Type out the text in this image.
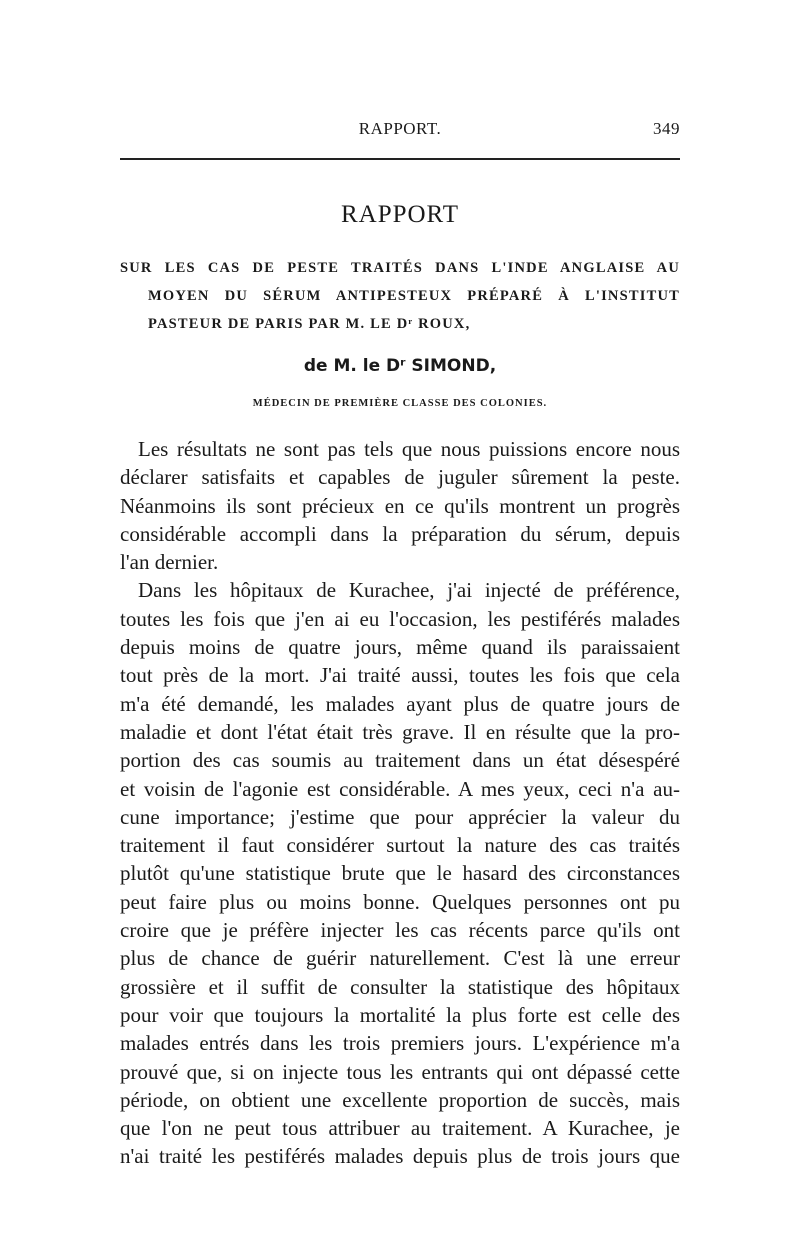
RAPPORT.	349
RAPPORT
SUR LES CAS DE PESTE TRAITÉS DANS L'INDE ANGLAISE AU
MOYEN DU SÉRUM ANTIPESTEUX PRÉPARÉ À L'INSTITUT
PASTEUR DE PARIS PAR M. LE Dʳ ROUX,
de M. le Dʳ SIMOND,
MÉDECIN DE PREMIÈRE CLASSE DES COLONIES.
Les résultats ne sont pas tels que nous puissions encore nous
déclarer satisfaits et capables de juguler sûrement la peste.
Néanmoins ils sont précieux en ce qu'ils montrent un progrès
considérable accompli dans la préparation du sérum, depuis
l'an dernier.
Dans les hôpitaux de Kurachee, j'ai injecté de préférence,
toutes les fois que j'en ai eu l'occasion, les pestiférés malades
depuis moins de quatre jours, même quand ils paraissaient
tout près de la mort. J'ai traité aussi, toutes les fois que cela
m'a été demandé, les malades ayant plus de quatre jours de
maladie et dont l'état était très grave. Il en résulte que la pro-
portion des cas soumis au traitement dans un état désespéré
et voisin de l'agonie est considérable. A mes yeux, ceci n'a au-
cune importance; j'estime que pour apprécier la valeur du
traitement il faut considérer surtout la nature des cas traités
plutôt qu'une statistique brute que le hasard des circonstances
peut faire plus ou moins bonne. Quelques personnes ont pu
croire que je préfère injecter les cas récents parce qu'ils ont
plus de chance de guérir naturellement. C'est là une erreur
grossière et il suffit de consulter la statistique des hôpitaux
pour voir que toujours la mortalité la plus forte est celle des
malades entrés dans les trois premiers jours. L'expérience m'a
prouvé que, si on injecte tous les entrants qui ont dépassé cette
période, on obtient une excellente proportion de succès, mais
que l'on ne peut tous attribuer au traitement. A Kurachee, je
n'ai traité les pestiférés malades depuis plus de trois jours que
